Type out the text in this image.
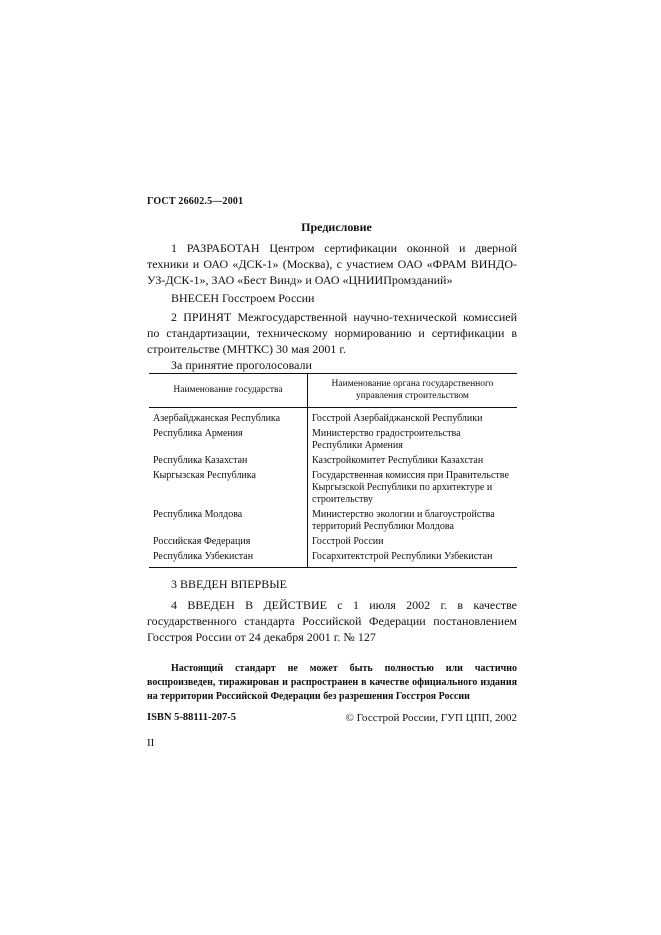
ГОСТ 26602.5—2001
Предисловие
1 РАЗРАБОТАН Центром сертификации оконной и дверной техники и ОАО «ДСК-1» (Москва), с участием ОАО «ФРАМ ВИНДО-УЗ-ДСК-1», ЗАО «Бест Винд» и ОАО «ЦНИИПромзданий»
ВНЕСЕН Госстроем России
2 ПРИНЯТ Межгосударственной научно-технической комиссией по стандартизации, техническому нормированию и сертификации в строительстве (МНТКС) 30 мая 2001 г.
За принятие проголосовали
Наименование государства	Наименование органа государственного управления строительством
Азербайджанская Республика	Госстрой Азербайджанской Республики
Республика Армения	Министерство градостроительства Республики Армения
Республика Казахстан	Казстройкомитет Республики Казахстан
Кыргызская Республика	Государственная комиссия при Правительстве Кыргызской Республики по архитектуре и строительству
Республика Молдова	Министерство экологии и благоустройства территорий Республики Молдова
Российская Федерация	Госстрой России
Республика Узбекистан	Госархитектстрой Республики Узбекистан
3 ВВЕДЕН ВПЕРВЫЕ
4 ВВЕДЕН В ДЕЙСТВИЕ с 1 июля 2002 г. в качестве государственного стандарта Российской Федерации постановлением Госстроя России от 24 декабря 2001 г. № 127
Настоящий стандарт не может быть полностью или частично воспроизведен, тиражирован и распространен в качестве официального издания на территории Российской Федерации без разрешения Госстроя России
ISBN 5-88111-207-5	© Госстрой России, ГУП ЦПП, 2002
II
